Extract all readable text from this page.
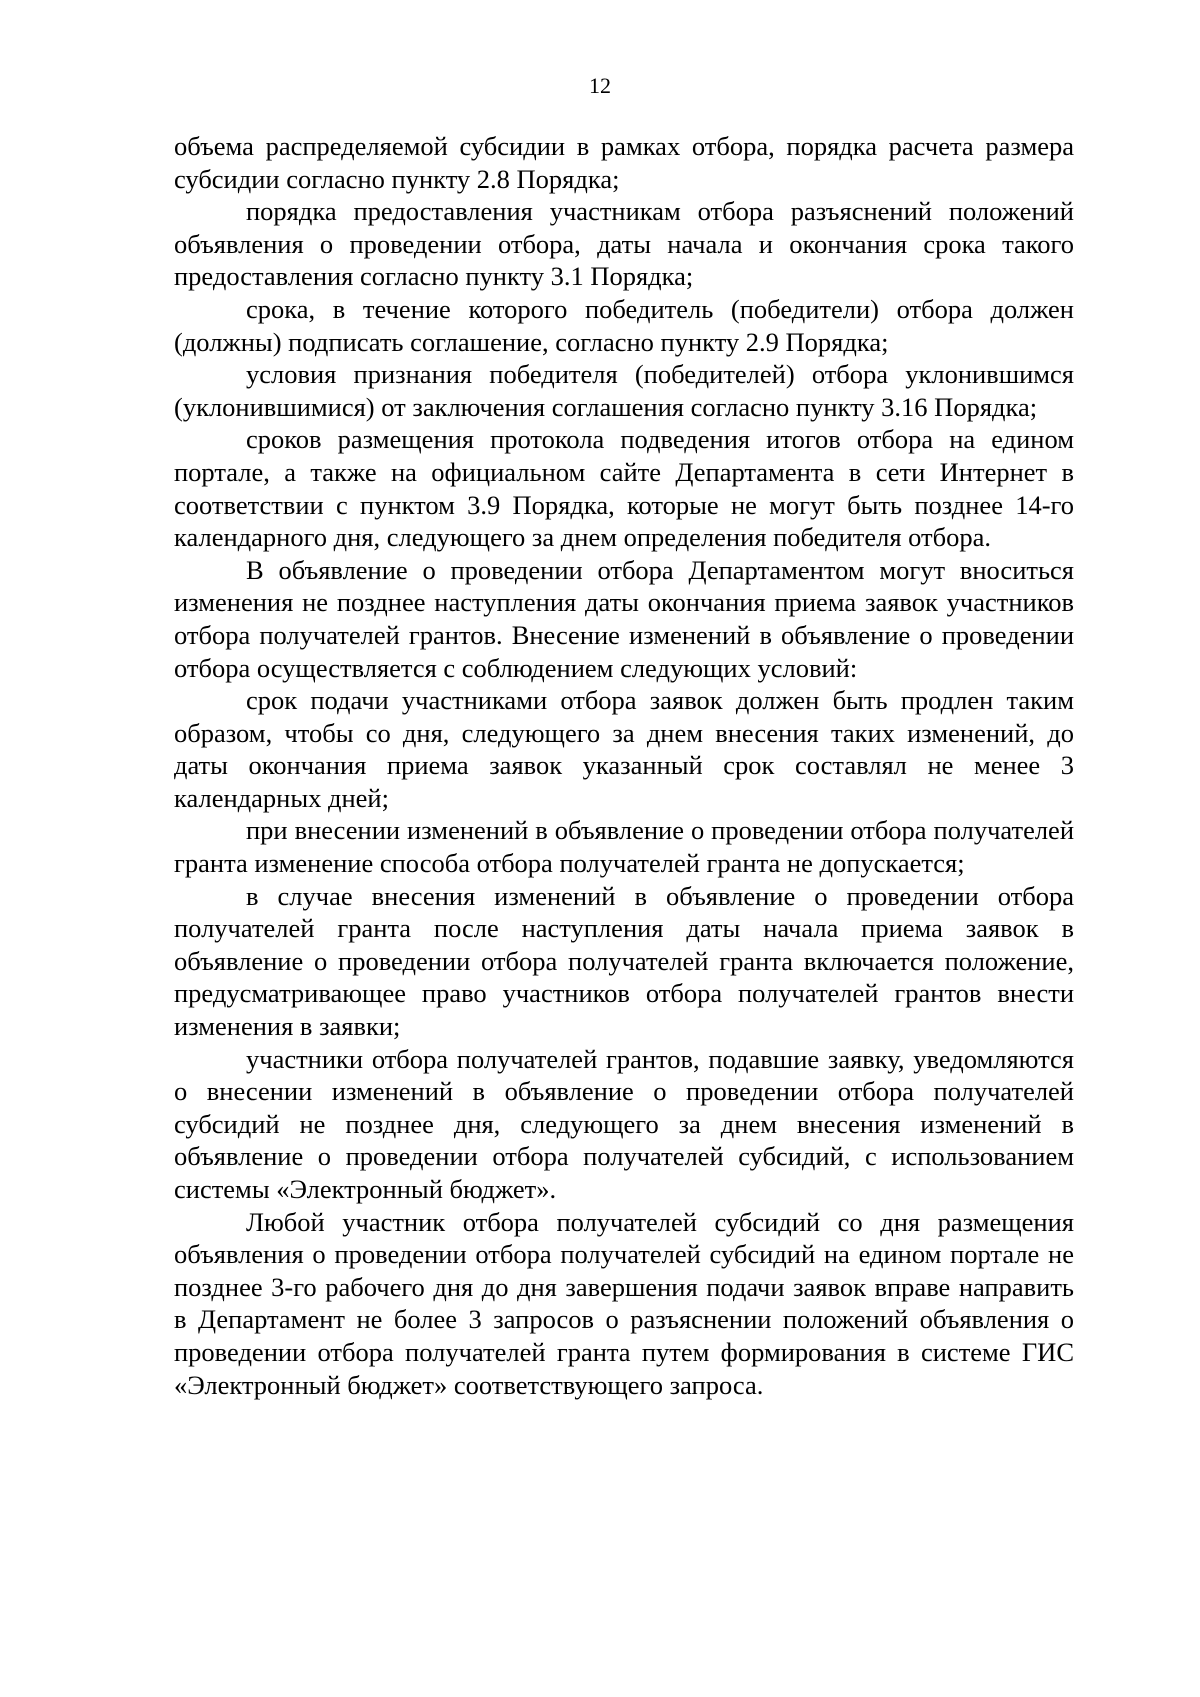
12

объема распределяемой субсидии в рамках отбора, порядка расчета размера субсидии согласно пункту 2.8 Порядка;

порядка предоставления участникам отбора разъяснений положений объявления о проведении отбора, даты начала и окончания срока такого предоставления согласно пункту 3.1 Порядка;

срока, в течение которого победитель (победители) отбора должен (должны) подписать соглашение, согласно пункту 2.9 Порядка;

условия признания победителя (победителей) отбора уклонившимся (уклонившимися) от заключения соглашения согласно пункту 3.16 Порядка;

сроков размещения протокола подведения итогов отбора на едином портале, а также на официальном сайте Департамента в сети Интернет в соответствии с пунктом 3.9 Порядка, которые не могут быть позднее 14-го календарного дня, следующего за днем определения победителя отбора.

В объявление о проведении отбора Департаментом могут вноситься изменения не позднее наступления даты окончания приема заявок участников отбора получателей грантов. Внесение изменений в объявление о проведении отбора осуществляется с соблюдением следующих условий:

срок подачи участниками отбора заявок должен быть продлен таким образом, чтобы со дня, следующего за днем внесения таких изменений, до даты окончания приема заявок указанный срок составлял не менее 3 календарных дней;

при внесении изменений в объявление о проведении отбора получателей гранта изменение способа отбора получателей гранта не допускается;

в случае внесения изменений в объявление о проведении отбора получателей гранта после наступления даты начала приема заявок в объявление о проведении отбора получателей гранта включается положение, предусматривающее право участников отбора получателей грантов внести изменения в заявки;

участники отбора получателей грантов, подавшие заявку, уведомляются о внесении изменений в объявление о проведении отбора получателей субсидий не позднее дня, следующего за днем внесения изменений в объявление о проведении отбора получателей субсидий, с использованием системы «Электронный бюджет».

Любой участник отбора получателей субсидий со дня размещения объявления о проведении отбора получателей субсидий на едином портале не позднее 3-го рабочего дня до дня завершения подачи заявок вправе направить в Департамент не более 3 запросов о разъяснении положений объявления о проведении отбора получателей гранта путем формирования в системе ГИС «Электронный бюджет» соответствующего запроса.
